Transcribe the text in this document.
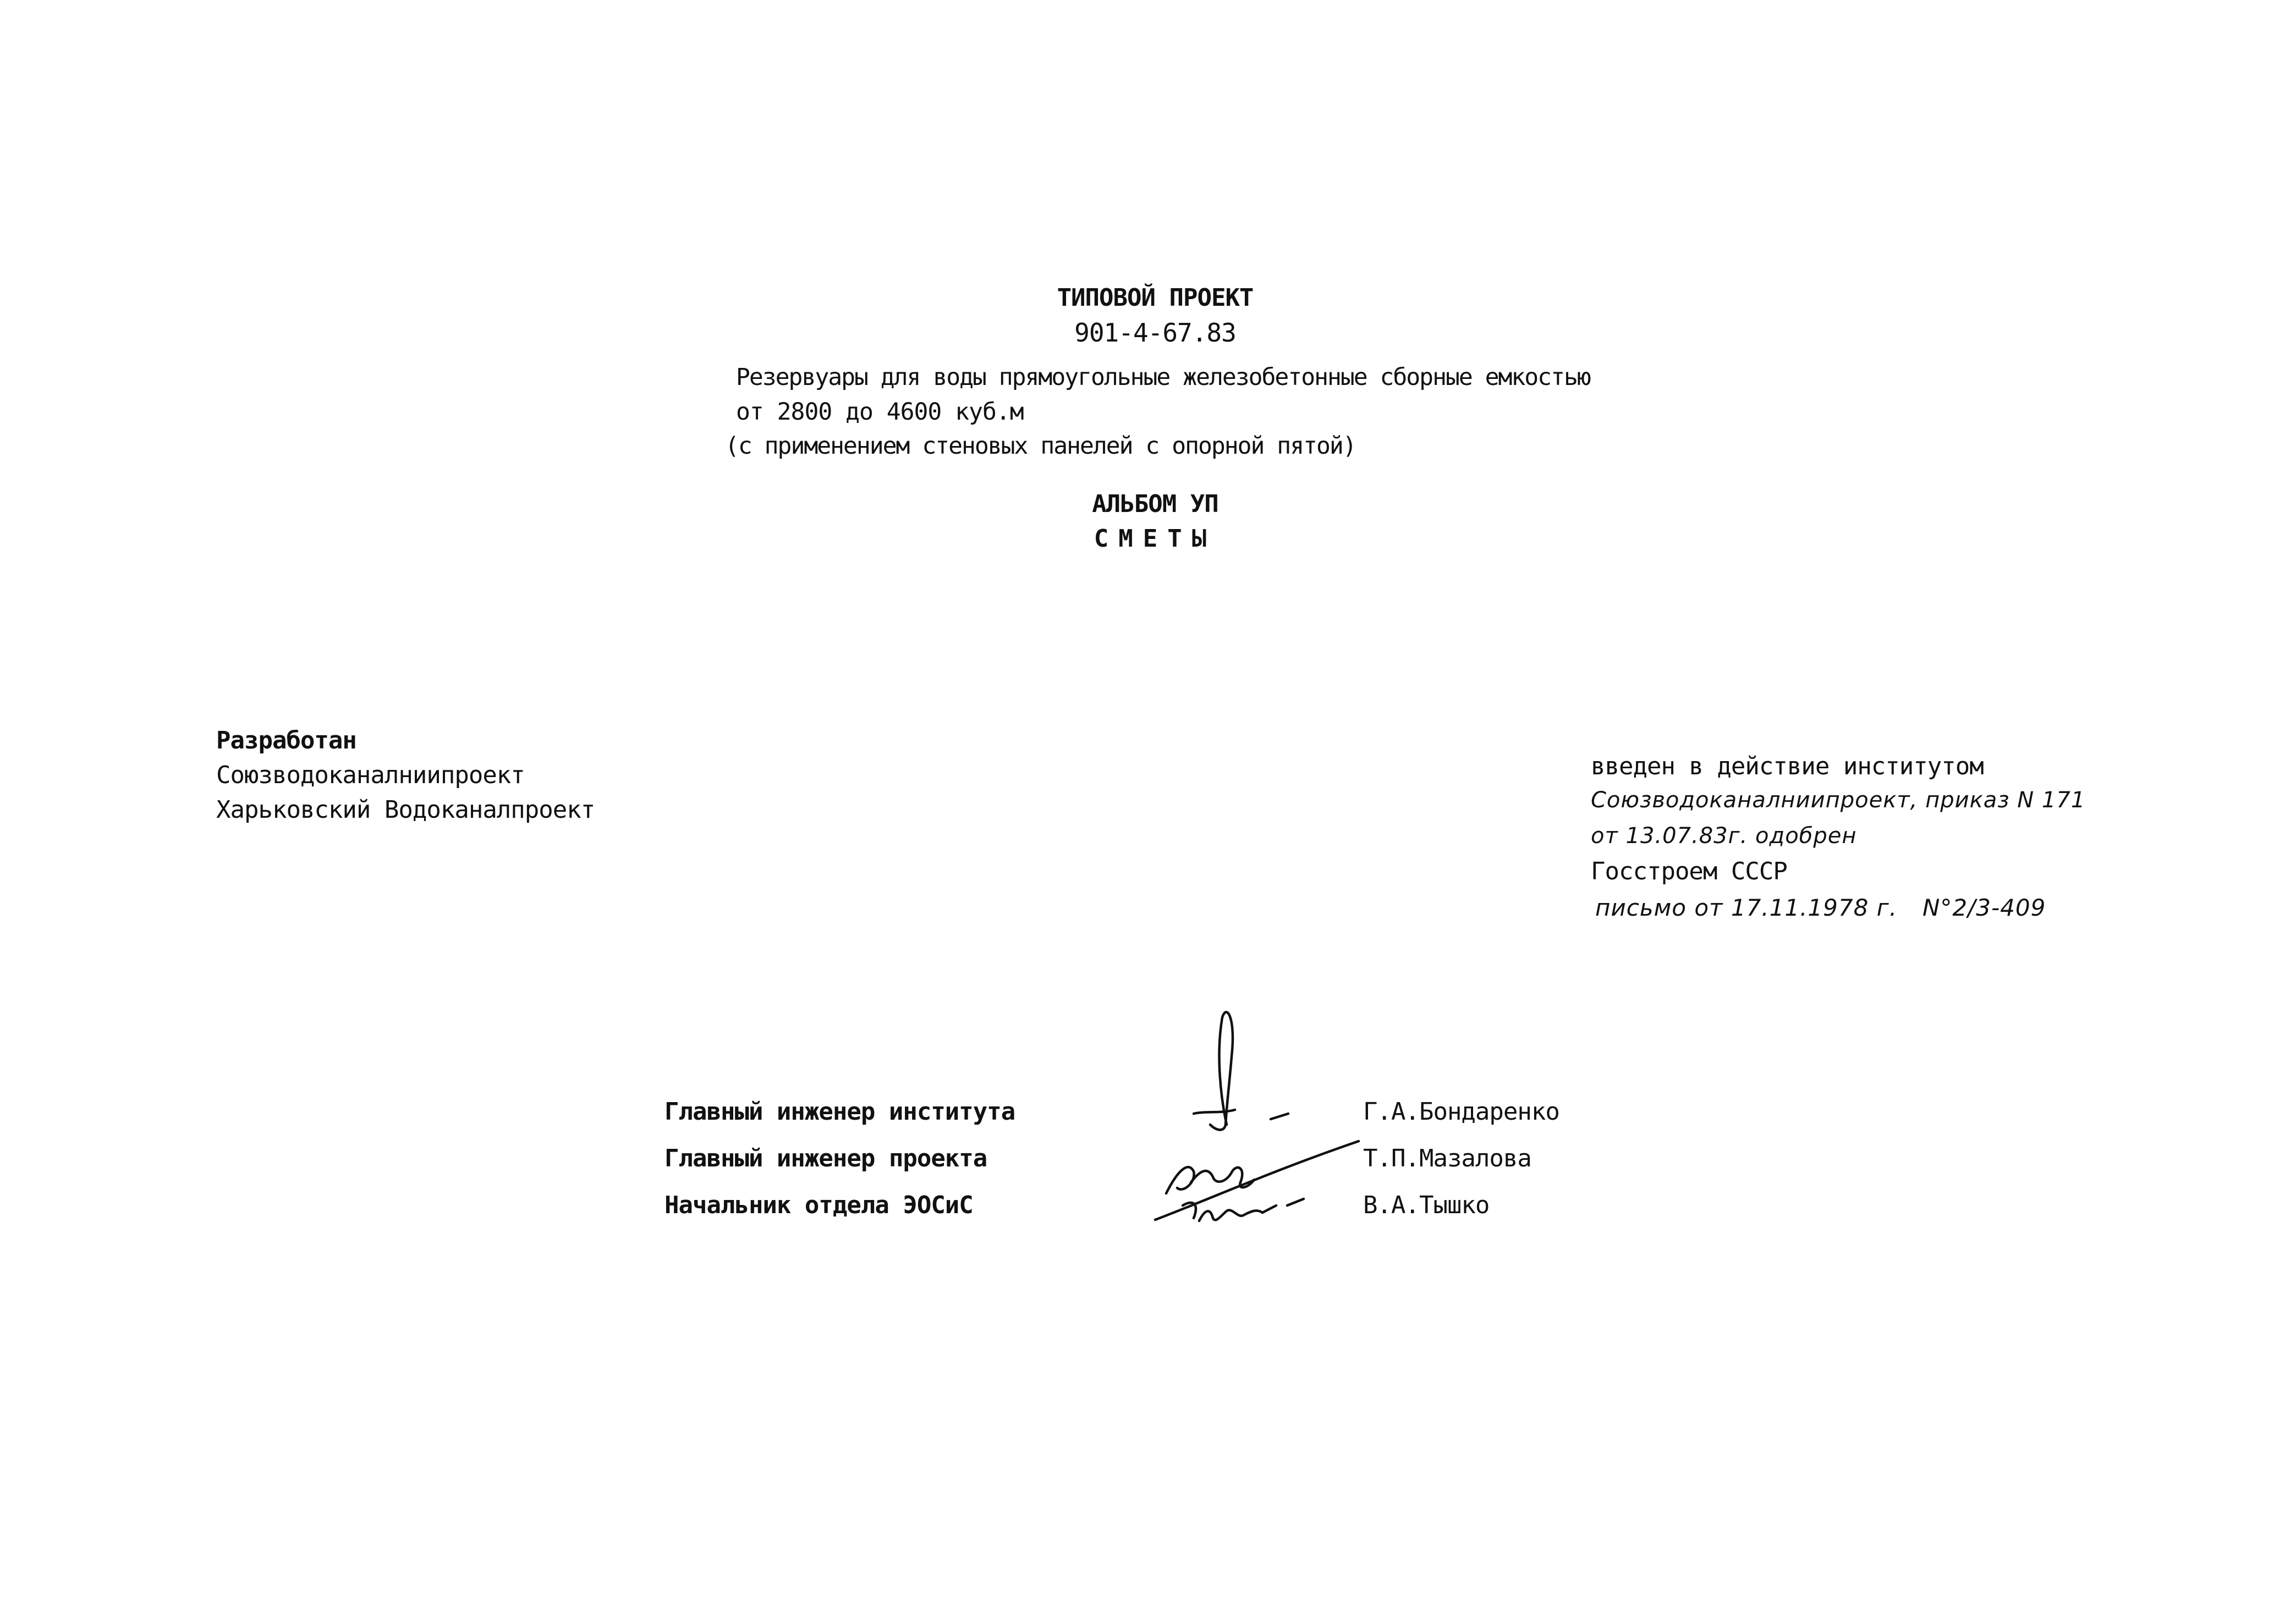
ТИПОВОЙ ПРОЕКТ
901-4-67.83
Резервуары для воды прямоугольные железобетонные сборные емкостью
от 2800 до 4600 куб.м
(с применением стеновых панелей с опорной пятой)
АЛЬБОМ УП
СМЕТЫ
Разработан
Союзводоканалниипроект
Харьковский Водоканалпроект
введен в действие институтом
Союзводоканалниипроект, приказ N 171
от 13.07.83г. одобрен
Госстроем СССР
письмо от 17.11.1978 г. N°2/3-409
Главный инженер института	Г.А.Бондаренко
Главный инженер проекта	Т.П.Мазалова
Начальник отдела ЭОСиС	В.А.Тышко
